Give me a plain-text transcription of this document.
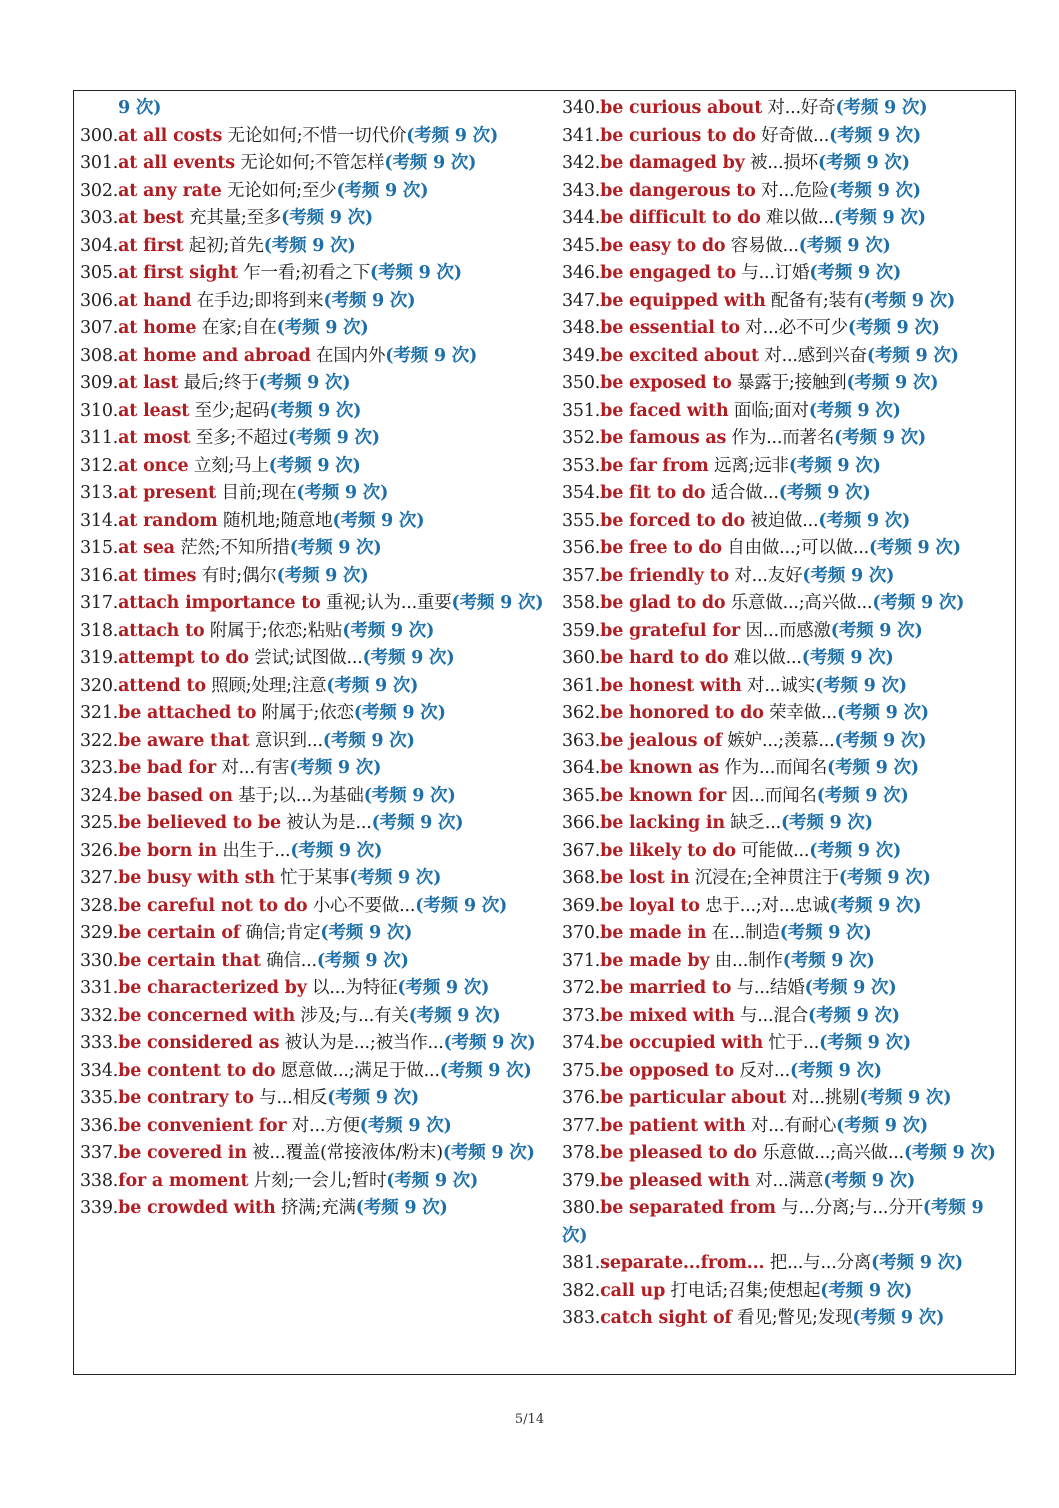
9 次)
300.at all costs 无论如何;不惜一切代价(考频 9 次)
301.at all events 无论如何;不管怎样(考频 9 次)
302.at any rate 无论如何;至少(考频 9 次)
303.at best 充其量;至多(考频 9 次)
304.at first 起初;首先(考频 9 次)
305.at first sight 乍一看;初看之下(考频 9 次)
306.at hand 在手边;即将到来(考频 9 次)
307.at home 在家;自在(考频 9 次)
308.at home and abroad 在国内外(考频 9 次)
309.at last 最后;终于(考频 9 次)
310.at least 至少;起码(考频 9 次)
311.at most 至多;不超过(考频 9 次)
312.at once 立刻;马上(考频 9 次)
313.at present 目前;现在(考频 9 次)
314.at random 随机地;随意地(考频 9 次)
315.at sea 茫然;不知所措(考频 9 次)
316.at times 有时;偶尔(考频 9 次)
317.attach importance to 重视;认为...重要(考频 9 次)
318.attach to 附属于;依恋;粘贴(考频 9 次)
319.attempt to do 尝试;试图做...(考频 9 次)
320.attend to 照顾;处理;注意(考频 9 次)
321.be attached to 附属于;依恋(考频 9 次)
322.be aware that 意识到...(考频 9 次)
323.be bad for 对...有害(考频 9 次)
324.be based on 基于;以...为基础(考频 9 次)
325.be believed to be 被认为是...(考频 9 次)
326.be born in 出生于...(考频 9 次)
327.be busy with sth 忙于某事(考频 9 次)
328.be careful not to do 小心不要做...(考频 9 次)
329.be certain of 确信;肯定(考频 9 次)
330.be certain that 确信...(考频 9 次)
331.be characterized by 以...为特征(考频 9 次)
332.be concerned with 涉及;与...有关(考频 9 次)
333.be considered as 被认为是...;被当作...(考频 9 次)
334.be content to do 愿意做...;满足于做...(考频 9 次)
335.be contrary to 与...相反(考频 9 次)
336.be convenient for 对...方便(考频 9 次)
337.be covered in 被...覆盖(常接液体/粉末)(考频 9 次)
338.for a moment 片刻;一会儿;暂时(考频 9 次)
339.be crowded with 挤满;充满(考频 9 次)
340.be curious about 对...好奇(考频 9 次)
341.be curious to do 好奇做...(考频 9 次)
342.be damaged by 被...损坏(考频 9 次)
343.be dangerous to 对...危险(考频 9 次)
344.be difficult to do 难以做...(考频 9 次)
345.be easy to do 容易做...(考频 9 次)
346.be engaged to 与...订婚(考频 9 次)
347.be equipped with 配备有;装有(考频 9 次)
348.be essential to 对...必不可少(考频 9 次)
349.be excited about 对...感到兴奋(考频 9 次)
350.be exposed to 暴露于;接触到(考频 9 次)
351.be faced with 面临;面对(考频 9 次)
352.be famous as 作为...而著名(考频 9 次)
353.be far from 远离;远非(考频 9 次)
354.be fit to do 适合做...(考频 9 次)
355.be forced to do 被迫做...(考频 9 次)
356.be free to do 自由做...;可以做...(考频 9 次)
357.be friendly to 对...友好(考频 9 次)
358.be glad to do 乐意做...;高兴做...(考频 9 次)
359.be grateful for 因...而感激(考频 9 次)
360.be hard to do 难以做...(考频 9 次)
361.be honest with 对...诚实(考频 9 次)
362.be honored to do 荣幸做...(考频 9 次)
363.be jealous of 嫉妒...;羡慕...(考频 9 次)
364.be known as 作为...而闻名(考频 9 次)
365.be known for 因...而闻名(考频 9 次)
366.be lacking in 缺乏...(考频 9 次)
367.be likely to do 可能做...(考频 9 次)
368.be lost in 沉浸在;全神贯注于(考频 9 次)
369.be loyal to 忠于...;对...忠诚(考频 9 次)
370.be made in 在...制造(考频 9 次)
371.be made by 由...制作(考频 9 次)
372.be married to 与...结婚(考频 9 次)
373.be mixed with 与...混合(考频 9 次)
374.be occupied with 忙于...(考频 9 次)
375.be opposed to 反对...(考频 9 次)
376.be particular about 对...挑剔(考频 9 次)
377.be patient with 对...有耐心(考频 9 次)
378.be pleased to do 乐意做...;高兴做...(考频 9 次)
379.be pleased with 对...满意(考频 9 次)
380.be separated from 与...分离;与...分开(考频 9 次)
381.separate...from... 把...与...分离(考频 9 次)
382.call up 打电话;召集;使想起(考频 9 次)
383.catch sight of 看见;瞥见;发现(考频 9 次)
5/14
